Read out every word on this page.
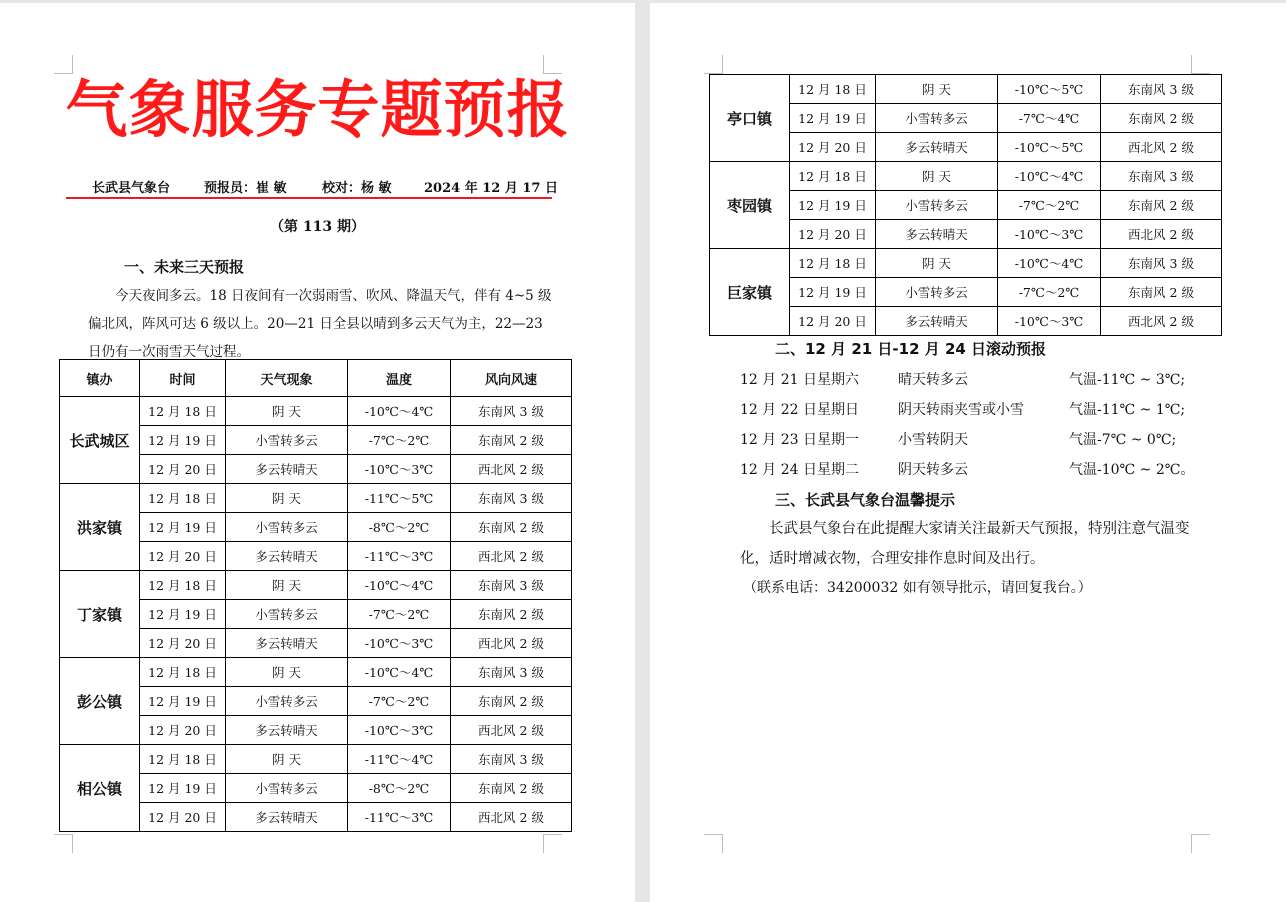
气象服务专题预报
长武县气象台	预报员：崔 敏	校对：杨 敏 2024 年 12 月 17 日
（第 113 期）
一、未来三天预报
今天夜间多云。18 日夜间有一次弱雨雪、吹风、降温天气，伴有 4~5 级偏北风，阵风可达 6 级以上。20—21 日全县以晴到多云天气为主，22—23 日仍有一次雨雪天气过程。
镇办	时间	天气现象	温度	风向风速
长武城区	12 月 18 日	阴 天	-10℃～4℃	东南风 3 级
	12 月 19 日	小雪转多云	-7℃～2℃	东南风 2 级
	12 月 20 日	多云转晴天	-10℃～3℃	西北风 2 级
洪家镇	12 月 18 日	阴 天	-11℃～5℃	东南风 3 级
	12 月 19 日	小雪转多云	-8℃～2℃	东南风 2 级
	12 月 20 日	多云转晴天	-11℃～3℃	西北风 2 级
丁家镇	12 月 18 日	阴 天	-10℃～4℃	东南风 3 级
	12 月 19 日	小雪转多云	-7℃～2℃	东南风 2 级
	12 月 20 日	多云转晴天	-10℃～3℃	西北风 2 级
彭公镇	12 月 18 日	阴 天	-10℃～4℃	东南风 3 级
	12 月 19 日	小雪转多云	-7℃～2℃	东南风 2 级
	12 月 20 日	多云转晴天	-10℃～3℃	西北风 2 级
相公镇	12 月 18 日	阴 天	-11℃～4℃	东南风 3 级
	12 月 19 日	小雪转多云	-8℃～2℃	东南风 2 级
	12 月 20 日	多云转晴天	-11℃～3℃	西北风 2 级
亭口镇	12 月 18 日	阴 天	-10℃～5℃	东南风 3 级
	12 月 19 日	小雪转多云	-7℃～4℃	东南风 2 级
	12 月 20 日	多云转晴天	-10℃～5℃	西北风 2 级
枣园镇	12 月 18 日	阴 天	-10℃～4℃	东南风 3 级
	12 月 19 日	小雪转多云	-7℃～2℃	东南风 2 级
	12 月 20 日	多云转晴天	-10℃～3℃	西北风 2 级
巨家镇	12 月 18 日	阴 天	-10℃～4℃	东南风 3 级
	12 月 19 日	小雪转多云	-7℃～2℃	东南风 2 级
	12 月 20 日	多云转晴天	-10℃～3℃	西北风 2 级
二、12 月 21 日-12 月 24 日滚动预报
12 月 21 日星期六	晴天转多云	气温-11℃ ~ 3℃;
12 月 22 日星期日	阴天转雨夹雪或小雪	气温-11℃ ~ 1℃;
12 月 23 日星期一	小雪转阴天	气温-7℃ ~ 0℃;
12 月 24 日星期二	阴天转多云	气温-10℃ ~ 2℃。
三、长武县气象台温馨提示
长武县气象台在此提醒大家请关注最新天气预报，特别注意气温变化，适时增减衣物，合理安排作息时间及出行。
（联系电话：34200032 如有领导批示，请回复我台。）
